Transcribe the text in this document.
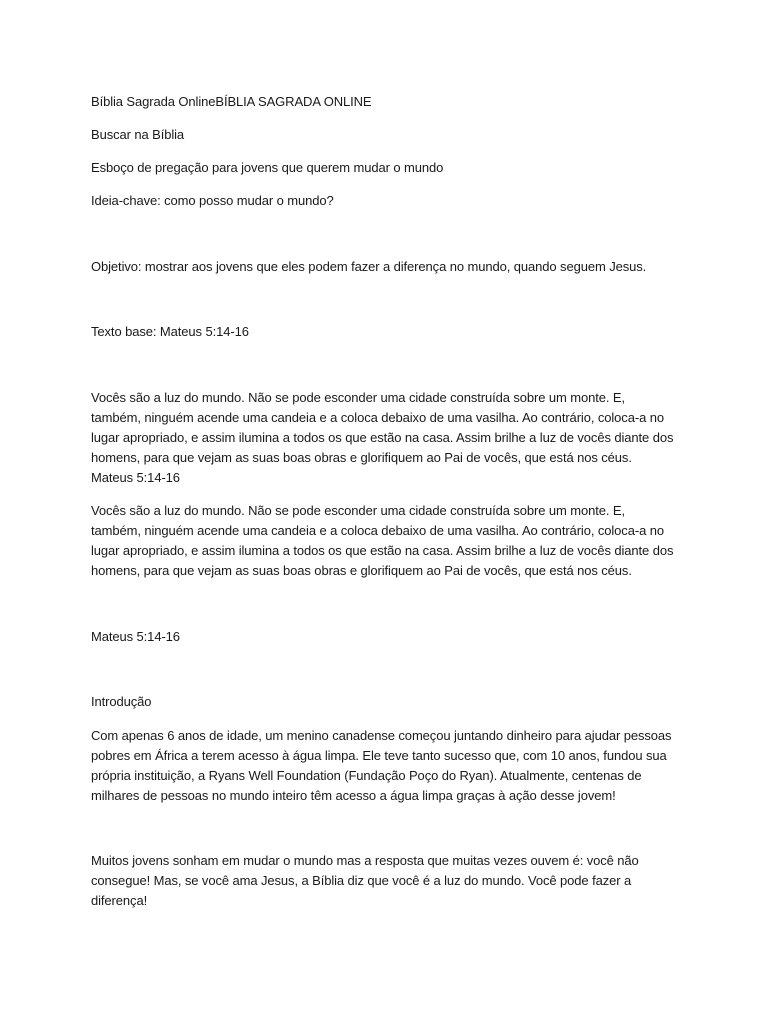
Bíblia Sagrada OnlineBÍBLIA SAGRADA ONLINE

Buscar na Bíblia

Esboço de pregação para jovens que querem mudar o mundo

Ideia-chave: como posso mudar o mundo?

Objetivo: mostrar aos jovens que eles podem fazer a diferença no mundo, quando seguem Jesus.

Texto base: Mateus 5:14-16

Vocês são a luz do mundo. Não se pode esconder uma cidade construída sobre um monte. E, também, ninguém acende uma candeia e a coloca debaixo de uma vasilha. Ao contrário, coloca-a no lugar apropriado, e assim ilumina a todos os que estão na casa. Assim brilhe a luz de vocês diante dos homens, para que vejam as suas boas obras e glorifiquem ao Pai de vocês, que está nos céus. Mateus 5:14-16

Vocês são a luz do mundo. Não se pode esconder uma cidade construída sobre um monte. E, também, ninguém acende uma candeia e a coloca debaixo de uma vasilha. Ao contrário, coloca-a no lugar apropriado, e assim ilumina a todos os que estão na casa. Assim brilhe a luz de vocês diante dos homens, para que vejam as suas boas obras e glorifiquem ao Pai de vocês, que está nos céus.

Mateus 5:14-16

Introdução

Com apenas 6 anos de idade, um menino canadense começou juntando dinheiro para ajudar pessoas pobres em África a terem acesso à água limpa. Ele teve tanto sucesso que, com 10 anos, fundou sua própria instituição, a Ryans Well Foundation (Fundação Poço do Ryan). Atualmente, centenas de milhares de pessoas no mundo inteiro têm acesso a água limpa graças à ação desse jovem!

Muitos jovens sonham em mudar o mundo mas a resposta que muitas vezes ouvem é: você não consegue! Mas, se você ama Jesus, a Bíblia diz que você é a luz do mundo. Você pode fazer a diferença!
